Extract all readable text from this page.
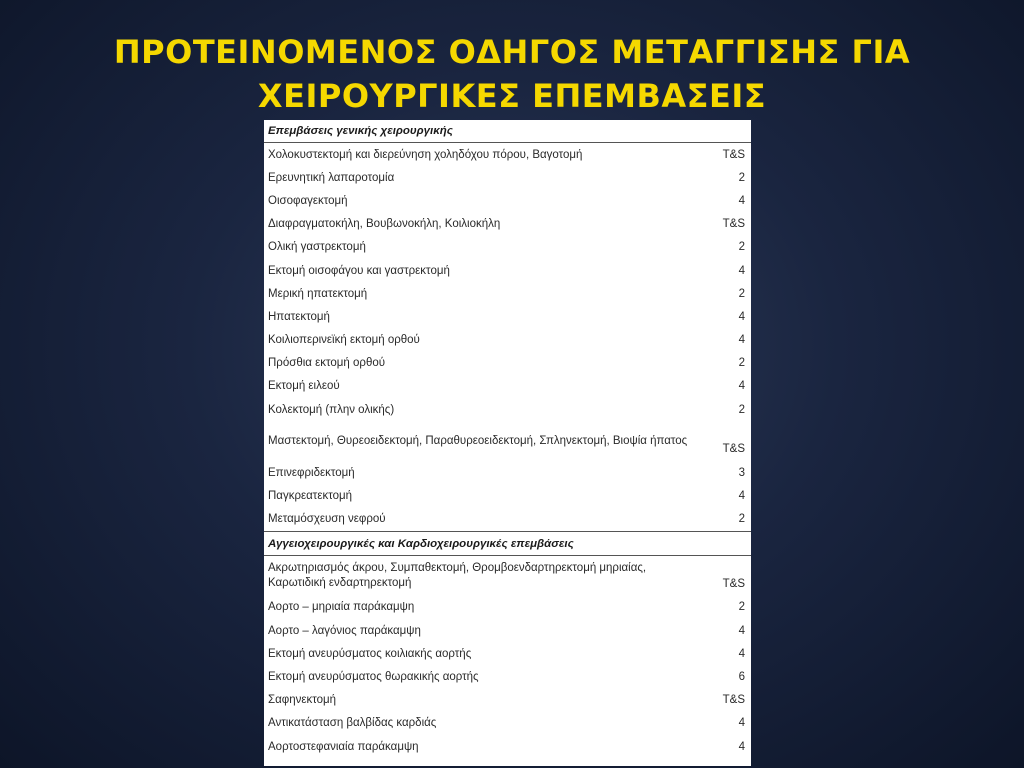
ΠΡΟΤΕΙΝΟΜΕΝΟΣ ΟΔΗΓΟΣ ΜΕΤΑΓΓΙΣΗΣ ΓΙΑ
ΧΕΙΡΟΥΡΓΙΚΕΣ ΕΠΕΜΒΑΣΕΙΣ
Επεμβάσεις γενικής χειρουργικής	
Χολοκυστεκτομή και διερεύνηση χοληδόχου πόρου, Βαγοτομή	T&S
Ερευνητική λαπαροτομία	2
Οισοφαγεκτομή	4
Διαφραγματοκήλη, Βουβωνοκήλη, Κοιλιοκήλη	T&S
Ολική γαστρεκτομή	2
Εκτομή οισοφάγου και γαστρεκτομή	4
Μερική ηπατεκτομή	2
Ηπατεκτομή	4
Κοιλιοπερινεϊκή εκτομή ορθού	4
Πρόσθια εκτομή ορθού	2
Εκτομή ειλεού	4
Κολεκτομή (πλην ολικής)	2
Μαστεκτομή, Θυρεοειδεκτομή, Παραθυρεοειδεκτομή, Σπληνεκτομή, Βιοψία ήπατος	T&S
Επινεφριδεκτομή	3
Παγκρεατεκτομή	4
Μεταμόσχευση νεφρού	2
Αγγειοχειρουργικές και Καρδιοχειρουργικές επεμβάσεις	
Ακρωτηριασμός άκρου, Συμπαθεκτομή, Θρομβοενδαρτηρεκτομή μηριαίας, Καρωτιδική ενδαρτηρεκτομή	T&S
Αορτο – μηριαία παράκαμψη	2
Αορτο – λαγόνιος παράκαμψη	4
Εκτομή ανευρύσματος κοιλιακής αορτής	4
Εκτομή ανευρύσματος θωρακικής αορτής	6
Σαφηνεκτομή	T&S
Αντικατάσταση βαλβίδας καρδιάς	4
Αορτοστεφανιαία παράκαμψη	4
